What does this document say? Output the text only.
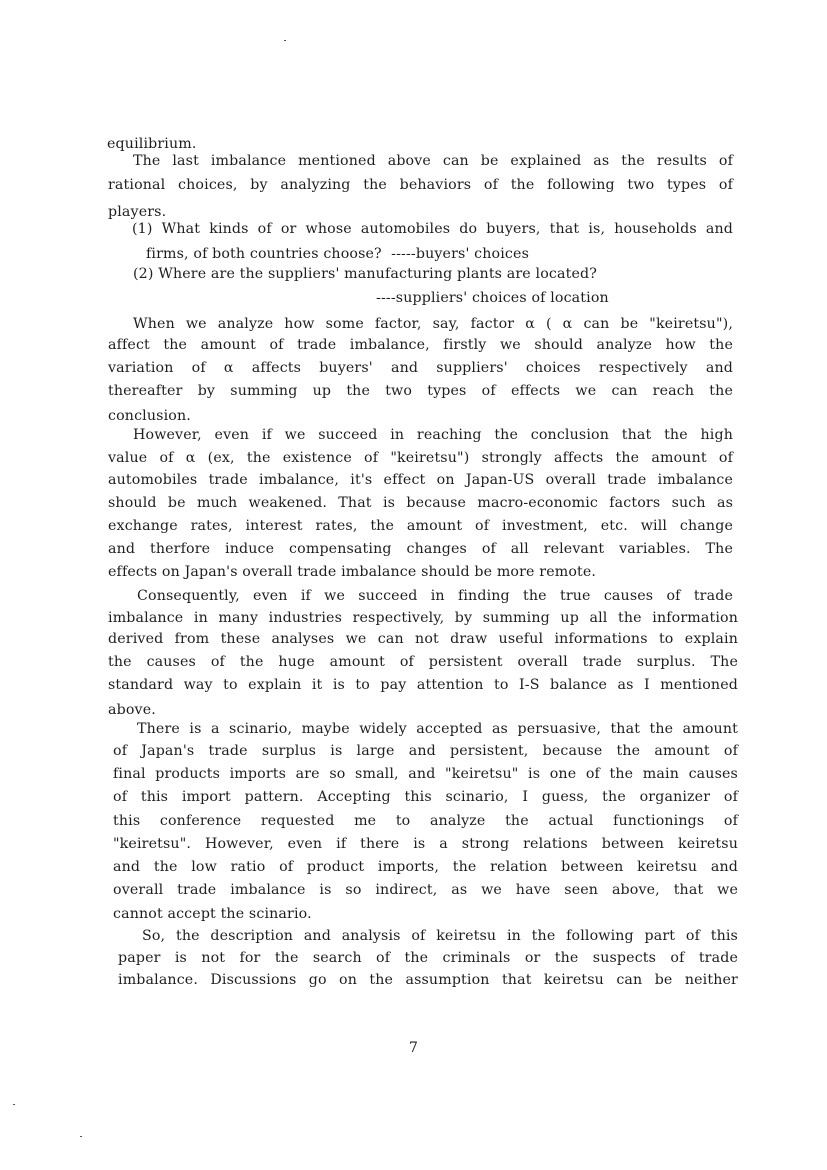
equilibrium.
The last imbalance mentioned above can be explained as the results of
rational choices, by analyzing the behaviors of the following two types of
players.
(1) What kinds of or whose automobiles do buyers, that is, households and
firms, of both countries choose?  -----buyers' choices
(2) Where are the suppliers' manufacturing plants are located?
----suppliers' choices of location
When we analyze how some factor, say, factor α ( α can be "keiretsu"),
affect the amount of trade imbalance, firstly we should analyze how the
variation of α affects buyers' and suppliers' choices respectively and
thereafter by summing up the two types of effects we can reach the
conclusion.
However, even if we succeed in reaching the conclusion that the high
value of α (ex, the existence of "keiretsu") strongly affects the amount of
automobiles trade imbalance, it's effect on Japan-US overall trade imbalance
should be much weakened. That is because macro-economic factors such as
exchange rates, interest rates, the amount of investment, etc. will change
and therfore induce compensating changes of all relevant variables. The
effects on Japan's overall trade imbalance should be more remote.
Consequently, even if we succeed in finding the true causes of trade
imbalance in many industries respectively, by summing up all the information
derived from these analyses we can not draw useful informations to explain
the causes of the huge amount of persistent overall trade surplus. The
standard way to explain it is to pay attention to I-S balance as I mentioned
above.
There is a scinario, maybe widely accepted as persuasive, that the amount
of Japan's trade surplus is large and persistent, because the amount of
final products imports are so small, and "keiretsu" is one of the main causes
of this import pattern. Accepting this scinario, I guess, the organizer of
this conference requested me to analyze the actual functionings of
"keiretsu". However, even if there is a strong relations between keiretsu
and the low ratio of product imports, the relation between keiretsu and
overall trade imbalance is so indirect, as we have seen above, that we
cannot accept the scinario.
So, the description and analysis of keiretsu in the following part of this
paper is not for the search of the criminals or the suspects of trade
imbalance. Discussions go on the assumption that keiretsu can be neither
7
